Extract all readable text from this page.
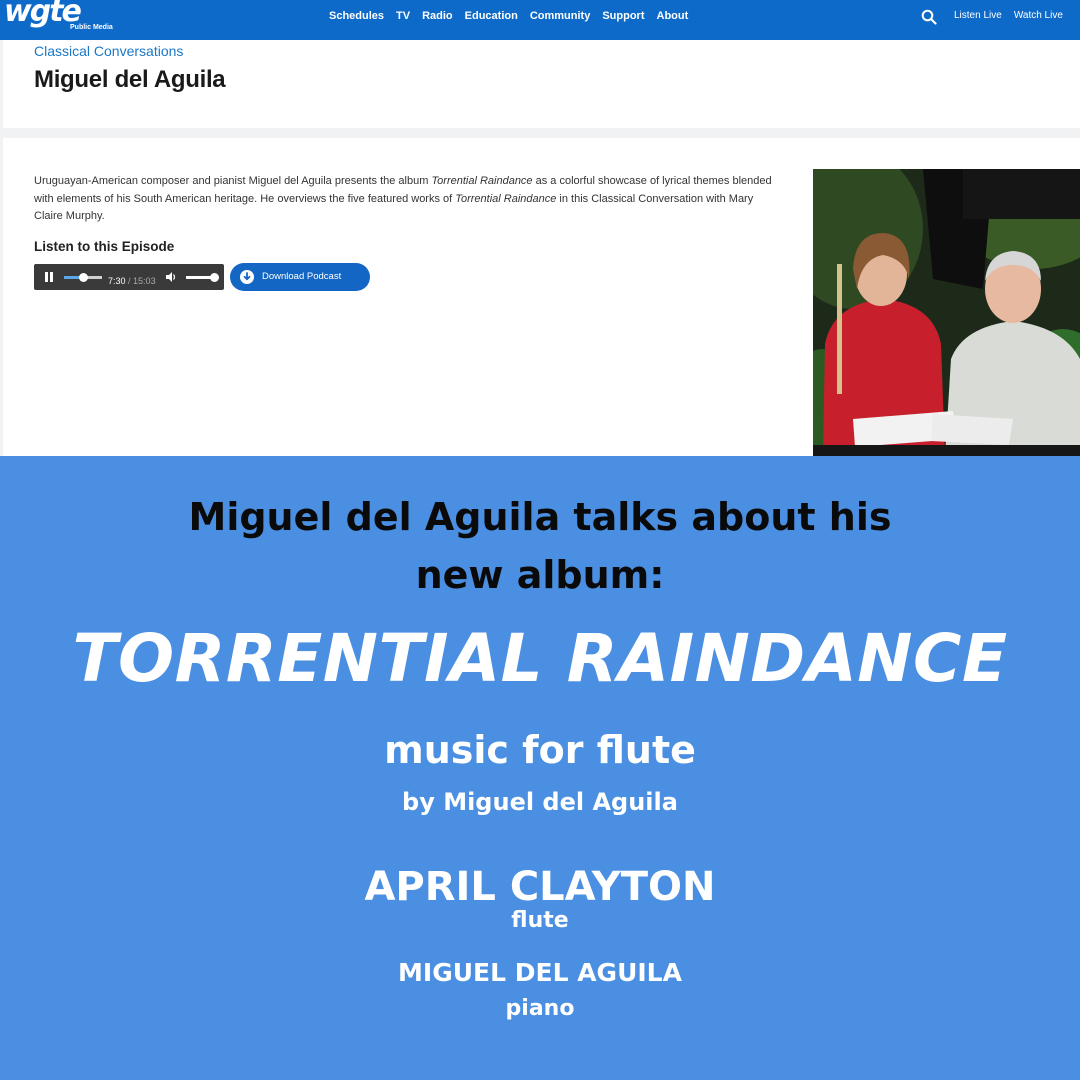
wgte
Public Media
Schedules TV Radio Education Community Support About	Listen Live Watch Live
Classical Conversations
Miguel del Aguila

Uruguayan-American composer and pianist Miguel del Aguila presents the album Torrential Raindance as a colorful showcase of lyrical themes blended with elements of his South American heritage. He overviews the five featured works of Torrential Raindance in this Classical Conversation with Mary Claire Murphy.

Listen to this Episode
7:30 / 15:03	Download Podcast
Miguel del Aguila talks about his
new album:
TORRENTIAL RAINDANCE
music for flute
by Miguel del Aguila
APRIL CLAYTON
flute
MIGUEL DEL AGUILA
piano
